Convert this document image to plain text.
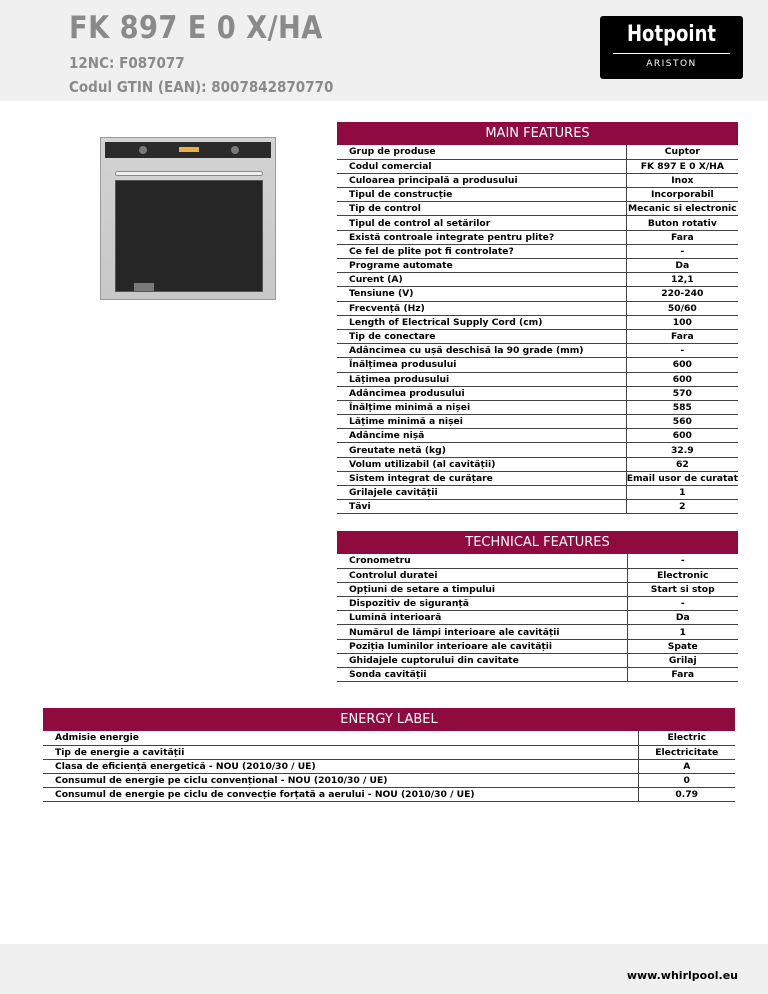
FK 897 E 0 X/HA
12NC: F087077
Codul GTIN (EAN): 8007842870770
Hotpoint
ARISTON
MAIN FEATURES
Grup de produse	Cuptor
Codul comercial	FK 897 E 0 X/HA
Culoarea principală a produsului	Inox
Tipul de construcție	Incorporabil
Tip de control	Mecanic si electronic
Tipul de control al setărilor	Buton rotativ
Există controale integrate pentru plite?	Fara
Ce fel de plite pot fi controlate?	-
Programe automate	Da
Curent (A)	12,1
Tensiune (V)	220-240
Frecvență (Hz)	50/60
Length of Electrical Supply Cord (cm)	100
Tip de conectare	Fara
Adâncimea cu ușă deschisă la 90 grade (mm)	-
Înălțimea produsului	600
Lățimea produsului	600
Adâncimea produsului	570
Înălțime minimă a nișei	585
Lățime minimă a nișei	560
Adâncime nișă	600
Greutate netă (kg)	32.9
Volum utilizabil (al cavității)	62
Sistem integrat de curățare	Email usor de curatat
Grilajele cavității	1
Tăvi	2
TECHNICAL FEATURES
Cronometru	-
Controlul duratei	Electronic
Opțiuni de setare a timpului	Start si stop
Dispozitiv de siguranță	-
Lumină interioară	Da
Numărul de lămpi interioare ale cavității	1
Poziția luminilor interioare ale cavității	Spate
Ghidajele cuptorului din cavitate	Grilaj
Sonda cavității	Fara
ENERGY LABEL
Admisie energie	Electric
Tip de energie a cavității	Electricitate
Clasa de eficiență energetică - NOU (2010/30 / UE)	A
Consumul de energie pe ciclu convențional - NOU (2010/30 / UE)	0
Consumul de energie pe ciclu de convecție forțată a aerului - NOU (2010/30 / UE)	0.79
www.whirlpool.eu
